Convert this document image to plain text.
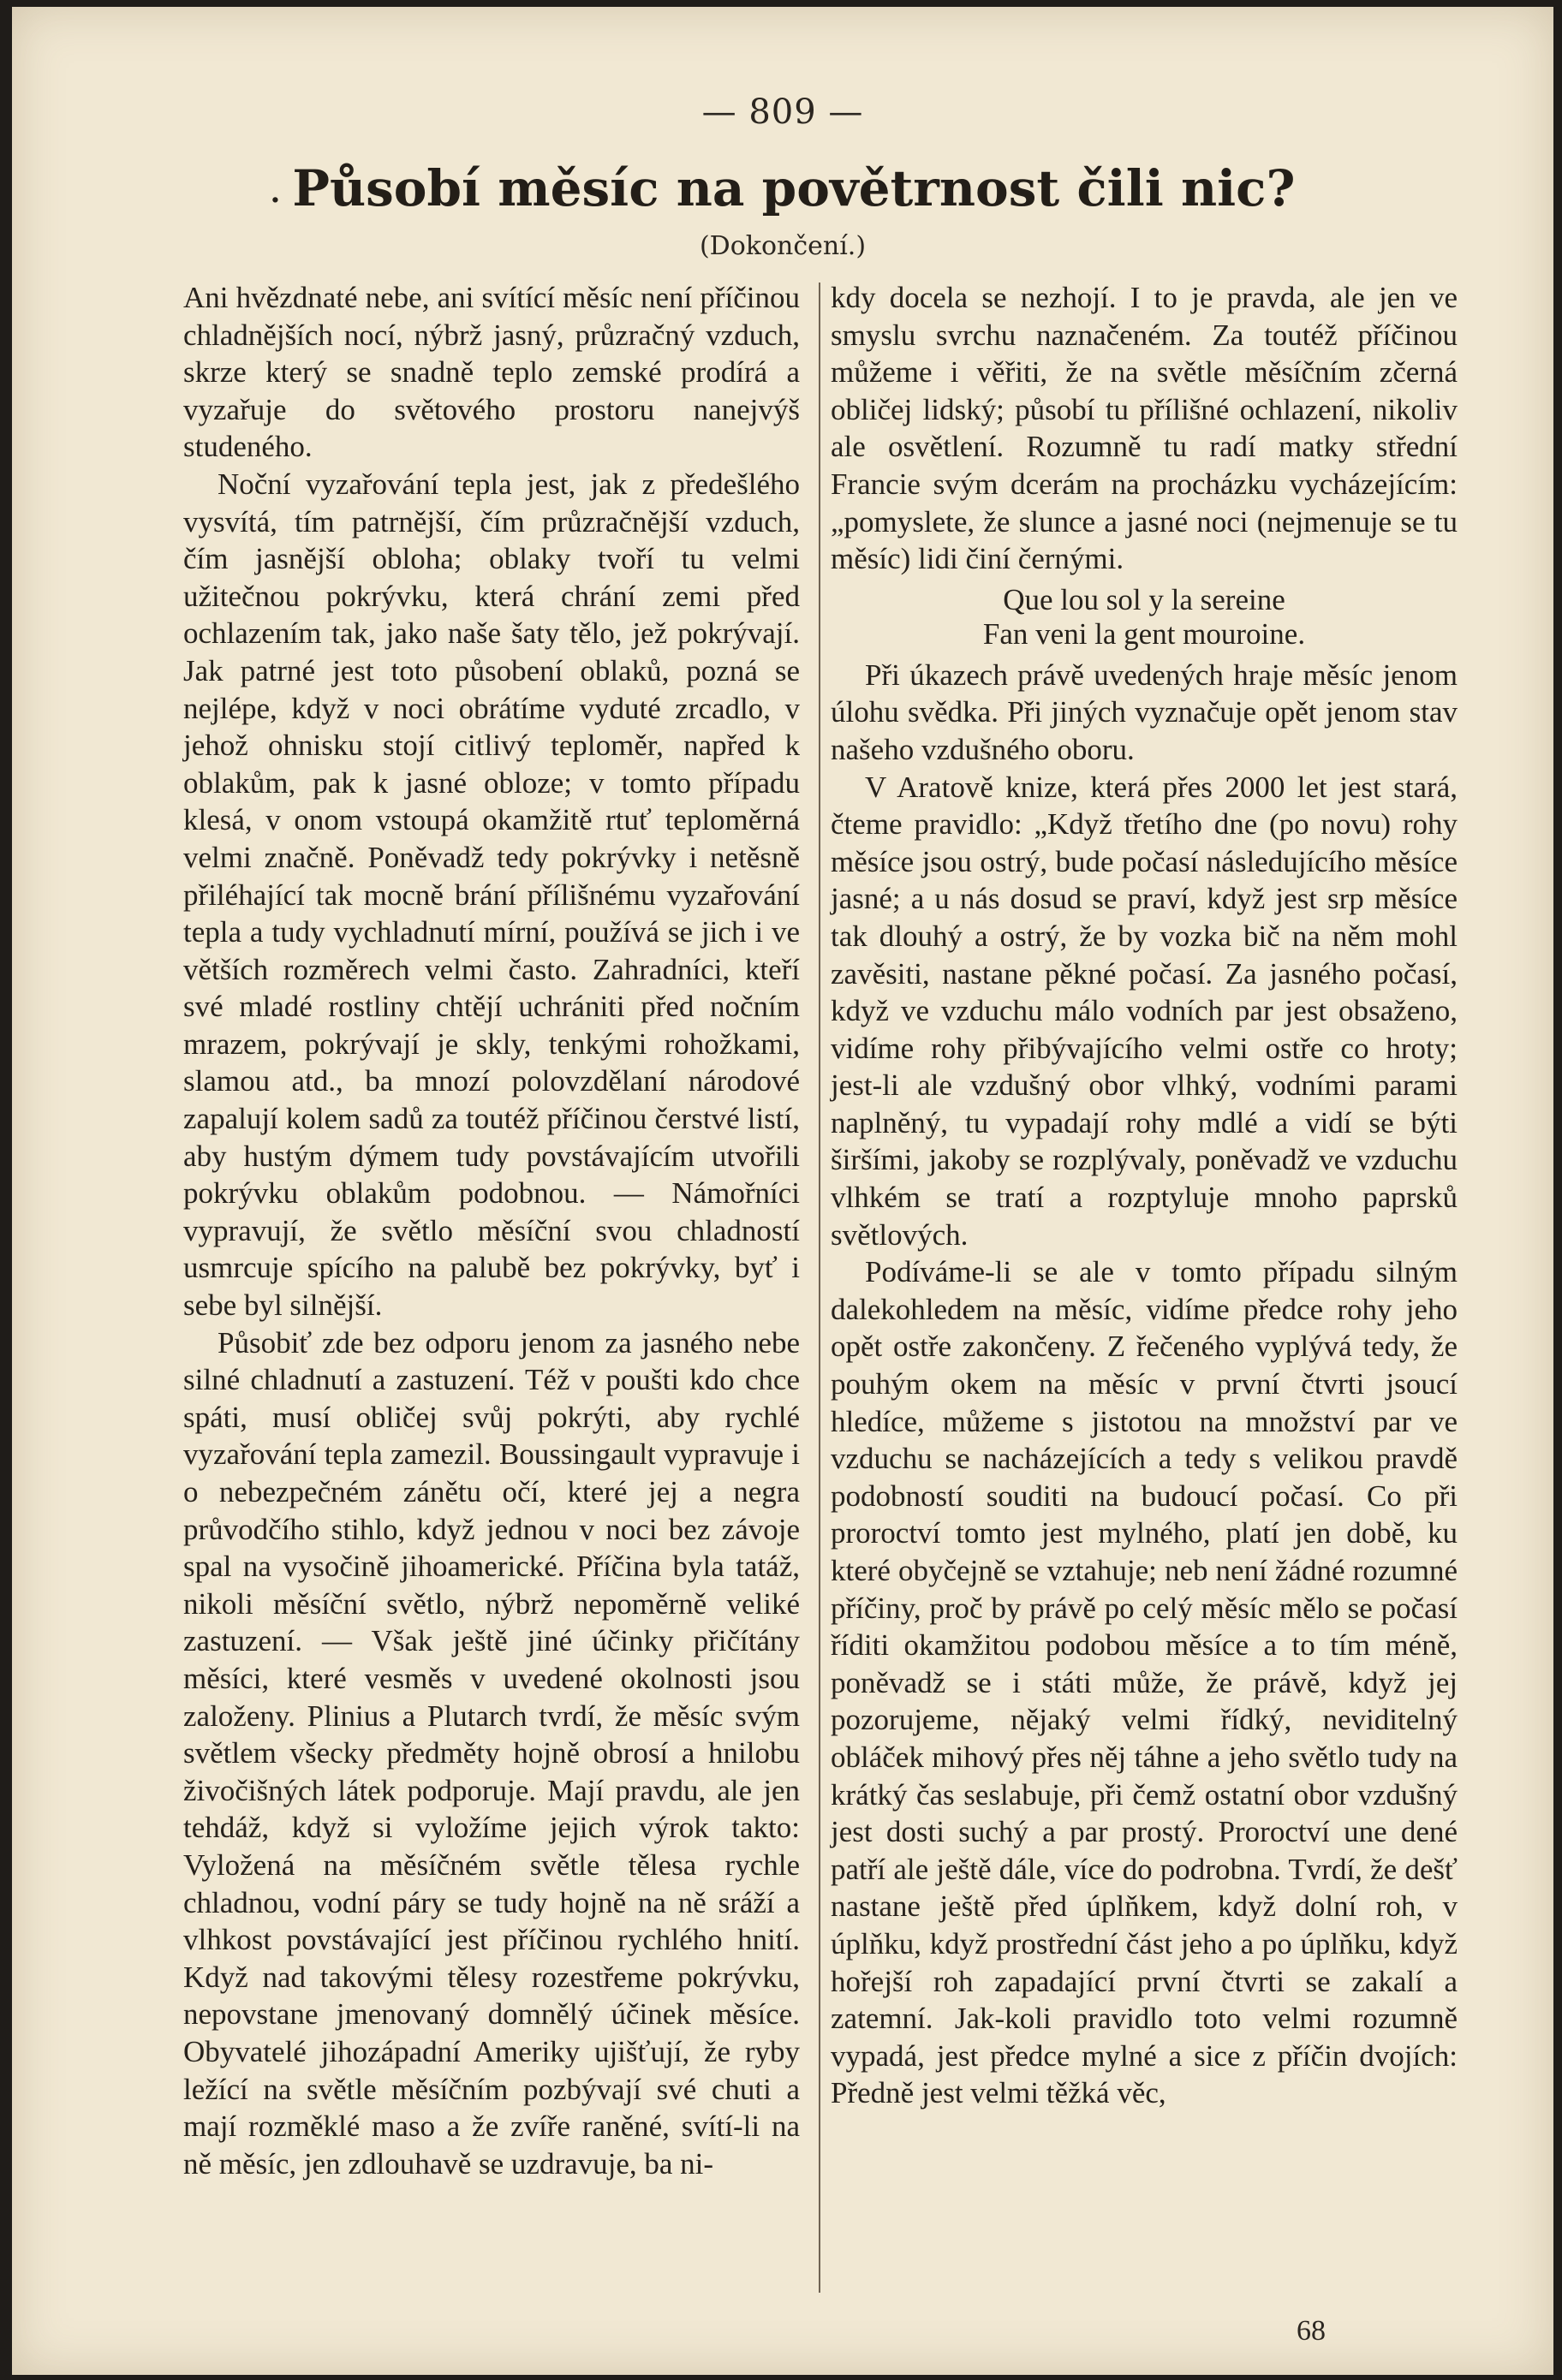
— 809 —
. Působí měsíc na povětrnost čili nic?
(Dokončení.)

Ani hvězdnaté nebe, ani svítící měsíc není příčinou chladnějších nocí, nýbrž jasný, průzračný vzduch, skrze který se snadně teplo zemské prodírá a vyzařuje do světového prostoru nanejvýš studeného.

Noční vyzařování tepla jest, jak z předešlého vysvítá, tím patrnější, čím průzračnější vzduch, čím jasnější obloha; oblaky tvoří tu velmi užitečnou pokrývku, která chrání zemi před ochlazením tak, jako naše šaty tělo, jež pokrývají. Jak patrné jest toto působení oblaků, pozná se nejlépe, když v noci obrátíme vyduté zrcadlo, v jehož ohnisku stojí citlivý teploměr, napřed k oblakům, pak k jasné obloze; v tomto případu klesá, v onom vstoupá okamžitě rtuť teploměrná velmi značně. Poněvadž tedy pokrývky i netěsně přiléhající tak mocně brání přílišnému vyzařování tepla a tudy vychladnutí mírní, používá se jich i ve větších rozměrech velmi často. Zahradníci, kteří své mladé rostliny chtějí uchrániti před nočním mrazem, pokrývají je skly, tenkými rohožkami, slamou atd., ba mnozí polovzdělaní národové zapalují kolem sadů za toutéž příčinou čerstvé listí, aby hustým dýmem tudy povstávajícím utvořili pokrývku oblakům podobnou. — Námořníci vypravují, že světlo měsíční svou chladností usmrcuje spícího na palubě bez pokrývky, byť i sebe byl silnější.

Působiť zde bez odporu jenom za jasného nebe silné chladnutí a zastuzení. Též v poušti kdo chce spáti, musí obličej svůj pokrýti, aby rychlé vyzařování tepla zamezil. Boussingault vypravuje i o nebezpečném zánětu očí, které jej a negra průvodčího stihlo, když jednou v noci bez závoje spal na vysočině jihoamerické. Příčina byla tatáž, nikoli měsíční světlo, nýbrž nepoměrně veliké zastuzení. — Však ještě jiné účinky přičítány měsíci, které vesměs v uvedené okolnosti jsou založeny. Plinius a Plutarch tvrdí, že měsíc svým světlem všecky předměty hojně obrosí a hnilobu živočišných látek podporuje. Mají pravdu, ale jen tehdáž, když si vyložíme jejich výrok takto: Vyložená na měsíčném světle tělesa rychle chladnou, vodní páry se tudy hojně na ně sráží a vlhkost povstávající jest příčinou rychlého hnití. Když nad takovými tělesy rozestřeme pokrývku, nepovstane jmenovaný domnělý účinek měsíce. Obyvatelé jihozápadní Ameriky ujišťují, že ryby ležící na světle měsíčním pozbývají své chuti a mají rozměklé maso a že zvíře raněné, svítí-li na ně měsíc, jen zdlouhavě se uzdravuje, ba ni-

kdy docela se nezhojí. I to je pravda, ale jen ve smyslu svrchu naznačeném. Za toutéž příčinou můžeme i věřiti, že na světle měsíčním zčerná obličej lidský; působí tu přílišné ochlazení, nikoliv ale osvětlení. Rozumně tu radí matky střední Francie svým dcerám na procházku vycházejícím: „pomyslete, že slunce a jasné noci (nejmenuje se tu měsíc) lidi činí černými.

Que lou sol y la sereine
Fan veni la gent mouroine.

Při úkazech právě uvedených hraje měsíc jenom úlohu svědka. Při jiných vyznačuje opět jenom stav našeho vzdušného oboru.

V Aratově knize, která přes 2000 let jest stará, čteme pravidlo: „Když třetího dne (po novu) rohy měsíce jsou ostrý, bude počasí následujícího měsíce jasné; a u nás dosud se praví, když jest srp měsíce tak dlouhý a ostrý, že by vozka bič na něm mohl zavěsiti, nastane pěkné počasí. Za jasného počasí, když ve vzduchu málo vodních par jest obsaženo, vidíme rohy přibývajícího velmi ostře co hroty; jest-li ale vzdušný obor vlhký, vodními parami naplněný, tu vypadají rohy mdlé a vidí se býti širšími, jakoby se rozplývaly, poněvadž ve vzduchu vlhkém se tratí a rozptyluje mnoho paprsků světlových.

Podíváme-li se ale v tomto případu silným dalekohledem na měsíc, vidíme předce rohy jeho opět ostře zakončeny. Z řečeného vyplývá tedy, že pouhým okem na měsíc v první čtvrti jsoucí hledíce, můžeme s jistotou na množství par ve vzduchu se nacházejících a tedy s velikou pravdě podobností souditi na budoucí počasí. Co při proroctví tomto jest mylného, platí jen době, ku které obyčejně se vztahuje; neb není žádné rozumné příčiny, proč by právě po celý měsíc mělo se počasí říditi okamžitou podobou měsíce a to tím méně, poněvadž se i státi může, že právě, když jej pozorujeme, nějaký velmi řídký, neviditelný obláček mihový přes něj táhne a jeho světlo tudy na krátký čas seslabuje, při čemž ostatní obor vzdušný jest dosti suchý a par prostý. Proroctví une dené patří ale ještě dále, více do podrobna. Tvrdí, že dešť nastane ještě před úplňkem, když dolní roh, v úplňku, když prostřední část jeho a po úplňku, když hořejší roh zapadající první čtvrti se zakalí a zatemní. Jak-koli pravidlo toto velmi rozumně vypadá, jest předce mylné a sice z příčin dvojích: Předně jest velmi těžká věc,

68
